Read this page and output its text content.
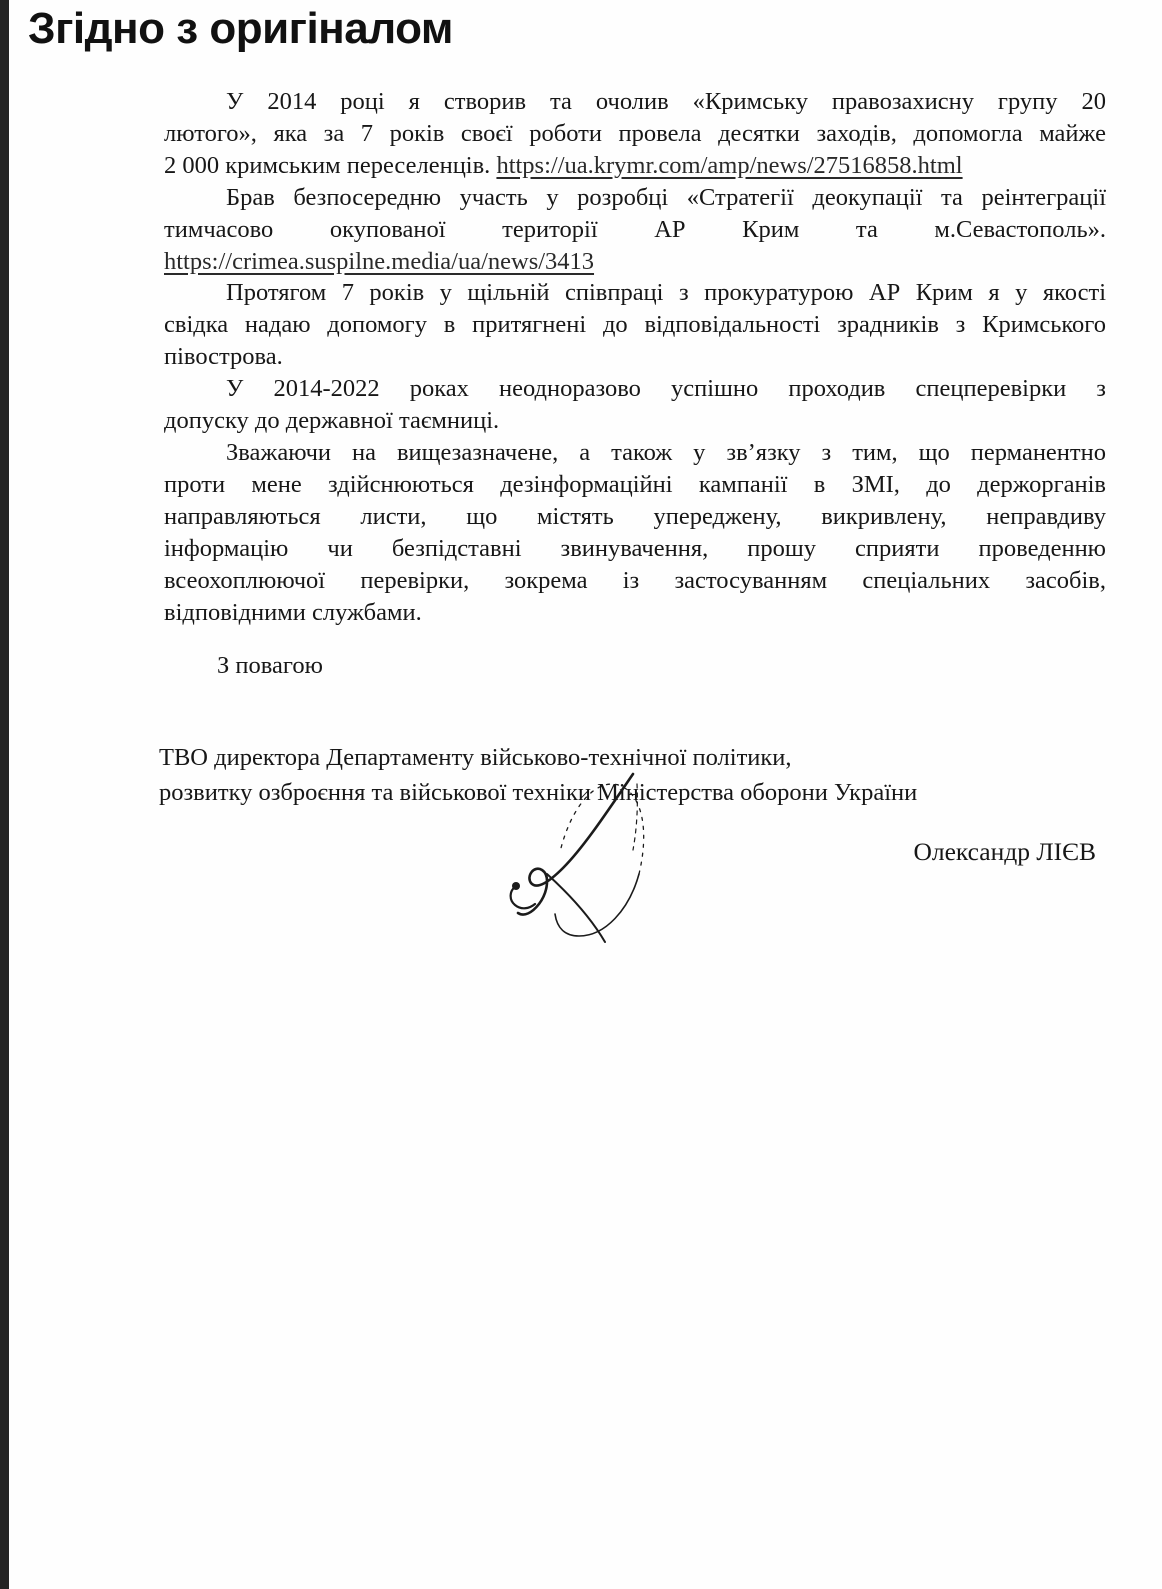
Згідно з оригіналом
У 2014 році я створив та очолив «Кримську правозахисну групу 20
лютого», яка за 7 років своєї роботи провела десятки заходів, допомогла майже
2 000 кримським переселенців. https://ua.krymr.com/amp/news/27516858.html
Брав безпосередню участь у розробці «Стратегії деокупації та реінтеграції
тимчасово окупованої території АР Крим та м.Севастополь».
https://crimea.suspilne.media/ua/news/3413
Протягом 7 років у щільній співпраці з прокуратурою АР Крим я у якості
свідка надаю допомогу в притягнені до відповідальності зрадників з Кримського
півострова.
У 2014-2022 роках неодноразово успішно проходив спецперевірки з
допуску до державної таємниці.
Зважаючи на вищезазначене, а також у зв’язку з тим, що перманентно
проти мене здійснюються дезінформаційні кампанії в ЗМІ, до держорганів
направляються листи, що містять упереджену, викривлену, неправдиву
інформацію чи безпідставні звинувачення, прошу сприяти проведенню
всеохоплюючої перевірки, зокрема із застосуванням спеціальних засобів,
відповідними службами.
З повагою
ТВО директора Департаменту військово-технічної політики,
розвитку озброєння та військової техніки Міністерства оборони України
Олександр ЛІЄВ
